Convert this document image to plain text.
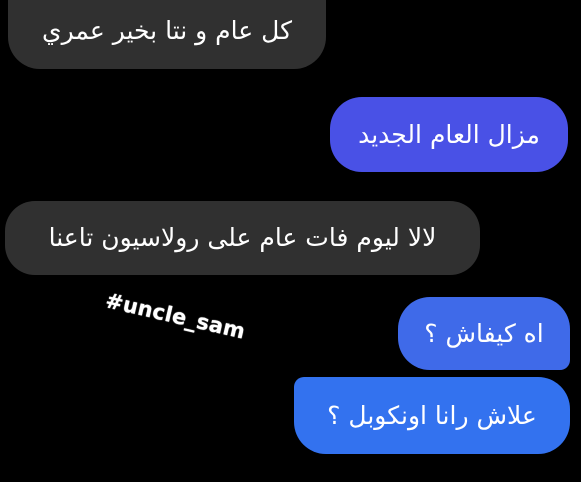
كل عام و نتا بخير عمري
مزال العام الجديد
لالا ليوم فات عام على رولاسيون تاعنا
#uncle_sam	اه كيفاش ؟
علاش رانا اونكوبل ؟
